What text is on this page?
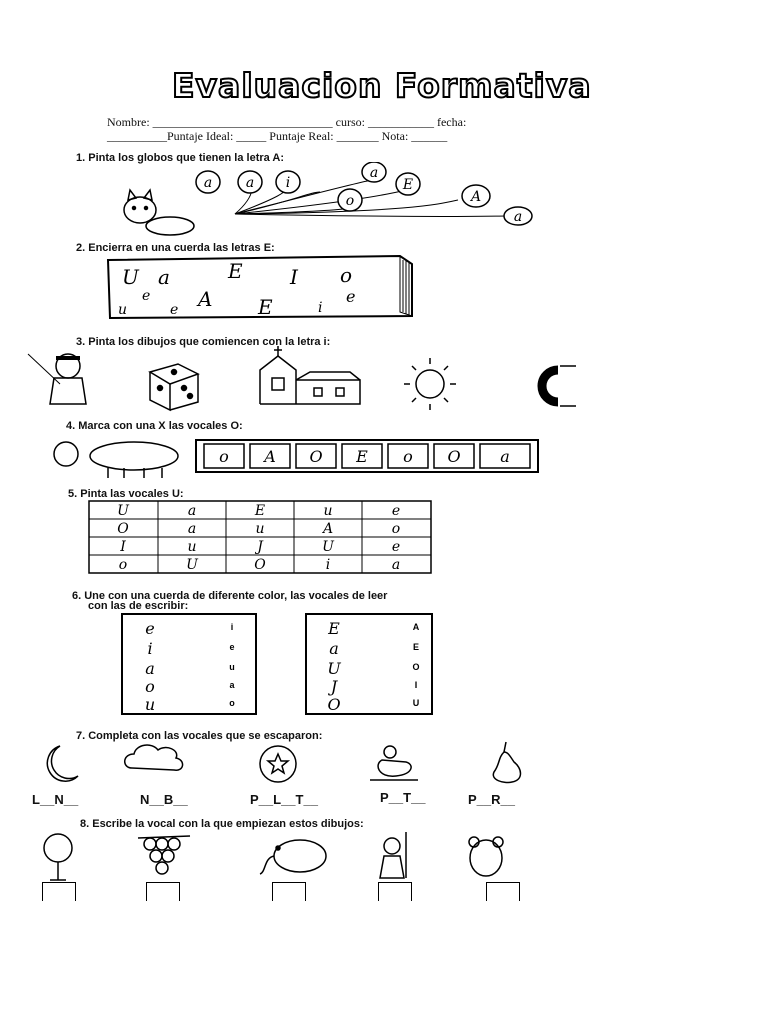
Evaluacion Formativa
Nombre: ______________________________ curso: ___________ fecha:
__________Puntaje Ideal: _____ Puntaje Real: _______ Nota: ______
1. Pinta los globos que tienen la letra A:
a a i
a
E
o	A
a
2. Encierra en una cuerda las letras E:
U a	E I o
e A	e
u	e	E	i
3. Pinta los dibujos que comiencen con la letra i:
4. Marca con una X las vocales O:
o A O E o O a
5. Pinta las vocales U:
U	a	E	u	e
O	a	u	A	o
I	u	J	U	e
o	U	O	i	a
6. Une con una cuerda de diferente color, las vocales de leer
con las de escribir:
e
i
a
o
u
E
a
U
J
O
i
e
u
a
o
A
E
O
I
U
7. Completa con las vocales que se escaparon:
L__N__	N__B__	P__L__T__	P__T__	P__R__
8. Escribe la vocal con la que empiezan estos dibujos:
